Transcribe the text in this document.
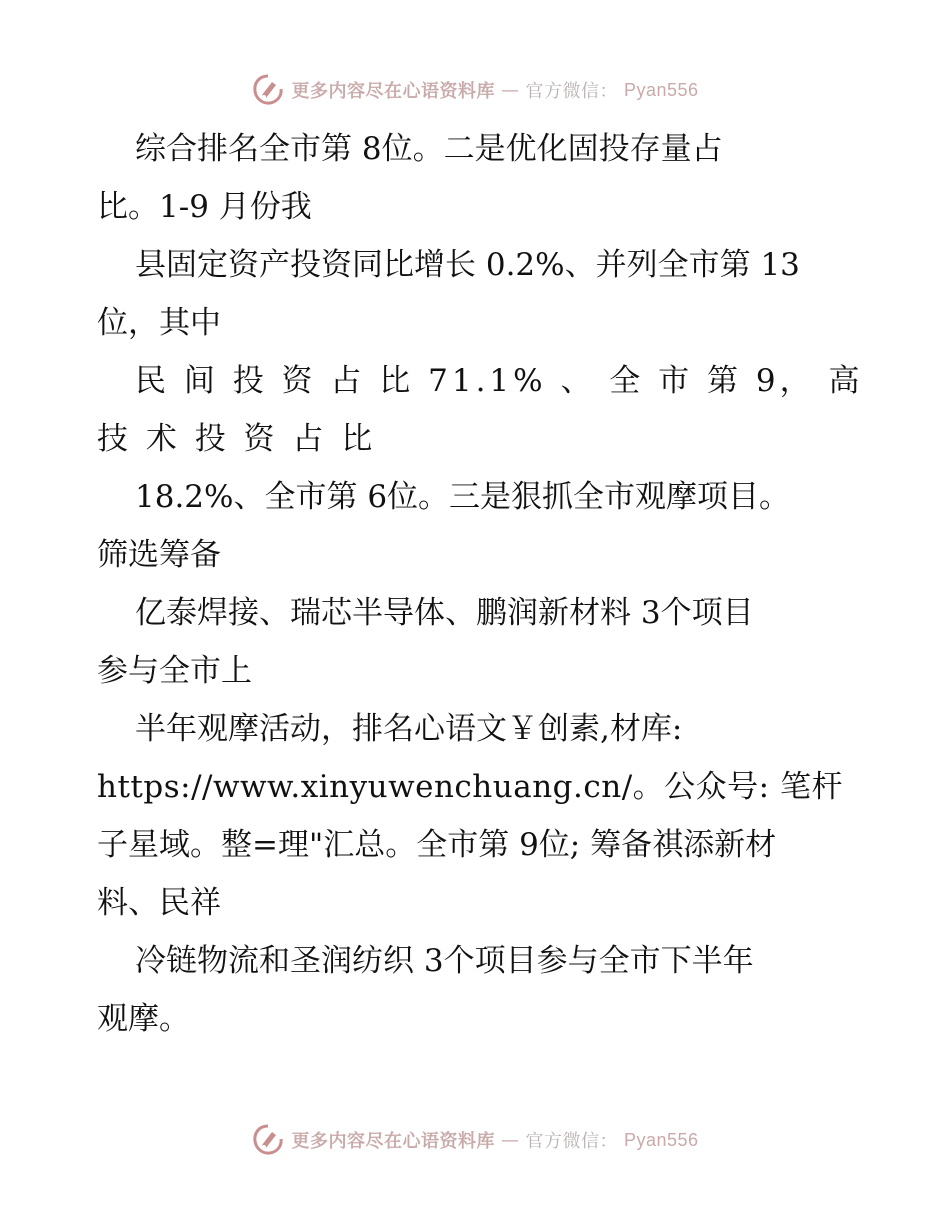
更多内容尽在心语资料库 — 官方微信： Pyan556

综合排名全市第 8位。二是优化固投存量占

比。1-9 月份我

县固定资产投资同比增长 0.2%、并列全市第 13

位，其中

民 间 投 资 占 比 71.1% 、 全 市 第 9， 高

技 术 投 资 占 比

18.2%、全市第 6位。三是狠抓全市观摩项目。

筛选筹备

亿泰焊接、瑞芯半导体、鹏润新材料 3个项目

参与全市上

半年观摩活动，排名心语文￥创素,材库:

https://www.xinyuwenchuang.cn/。公众号: 笔杆

子星域。整=理"汇总。全市第 9位; 筹备祺添新材

料、民祥

冷链物流和圣润纺织 3个项目参与全市下半年

观摩。

更多内容尽在心语资料库 — 官方微信： Pyan556
